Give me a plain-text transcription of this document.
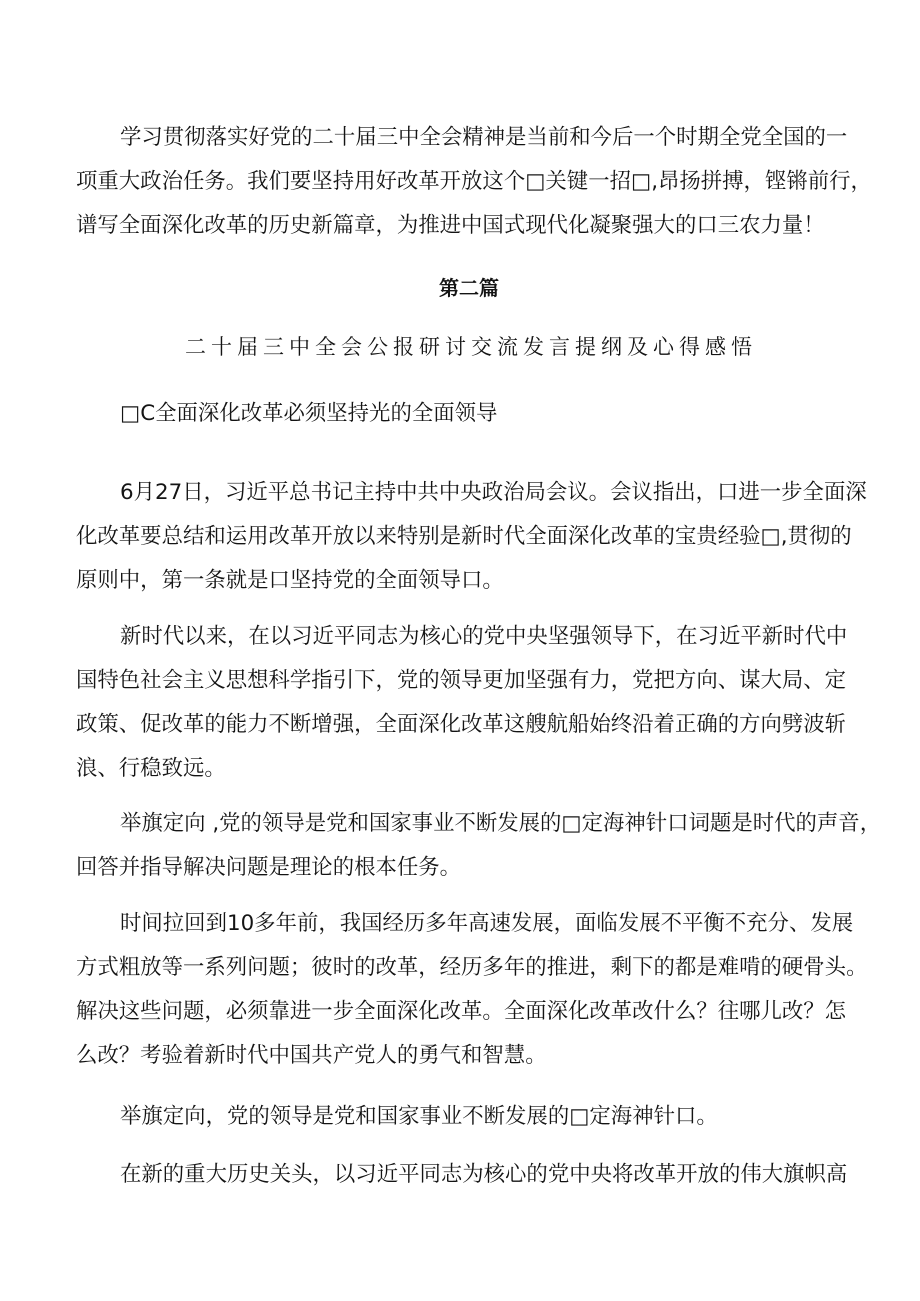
学习贯彻落实好党的二十届三中全会精神是当前和今后一个时期全党全国的一
项重大政治任务。我们要坚持用好改革开放这个□关键一招□,昂扬拼搏，铿锵前行，
谱写全面深化改革的历史新篇章，为推进中国式现代化凝聚强大的口三农力量！
第二篇
二十届三中全会公报研讨交流发言提纲及心得感悟
□C全面深化改革必须坚持光的全面领导
6月27日，习近平总书记主持中共中央政治局会议。会议指出，口进一步全面深
化改革要总结和运用改革开放以来特别是新时代全面深化改革的宝贵经验□,贯彻的
原则中，第一条就是口坚持党的全面领导口。
新时代以来，在以习近平同志为核心的党中央坚强领导下，在习近平新时代中
国特色社会主义思想科学指引下，党的领导更加坚强有力，党把方向、谋大局、定
政策、促改革的能力不断增强，全面深化改革这艘航船始终沿着正确的方向劈波斩
浪、行稳致远。
举旗定向 ,党的领导是党和国家事业不断发展的□定海神针口词题是时代的声音，
回答并指导解决问题是理论的根本任务。
时间拉回到10多年前，我国经历多年高速发展，面临发展不平衡不充分、发展
方式粗放等一系列问题；彼时的改革，经历多年的推进，剩下的都是难啃的硬骨头。
解决这些问题，必须靠进一步全面深化改革。全面深化改革改什么？往哪儿改？怎
么改？考验着新时代中国共产党人的勇气和智慧。
举旗定向，党的领导是党和国家事业不断发展的□定海神针口。
在新的重大历史关头，以习近平同志为核心的党中央将改革开放的伟大旗帜高
